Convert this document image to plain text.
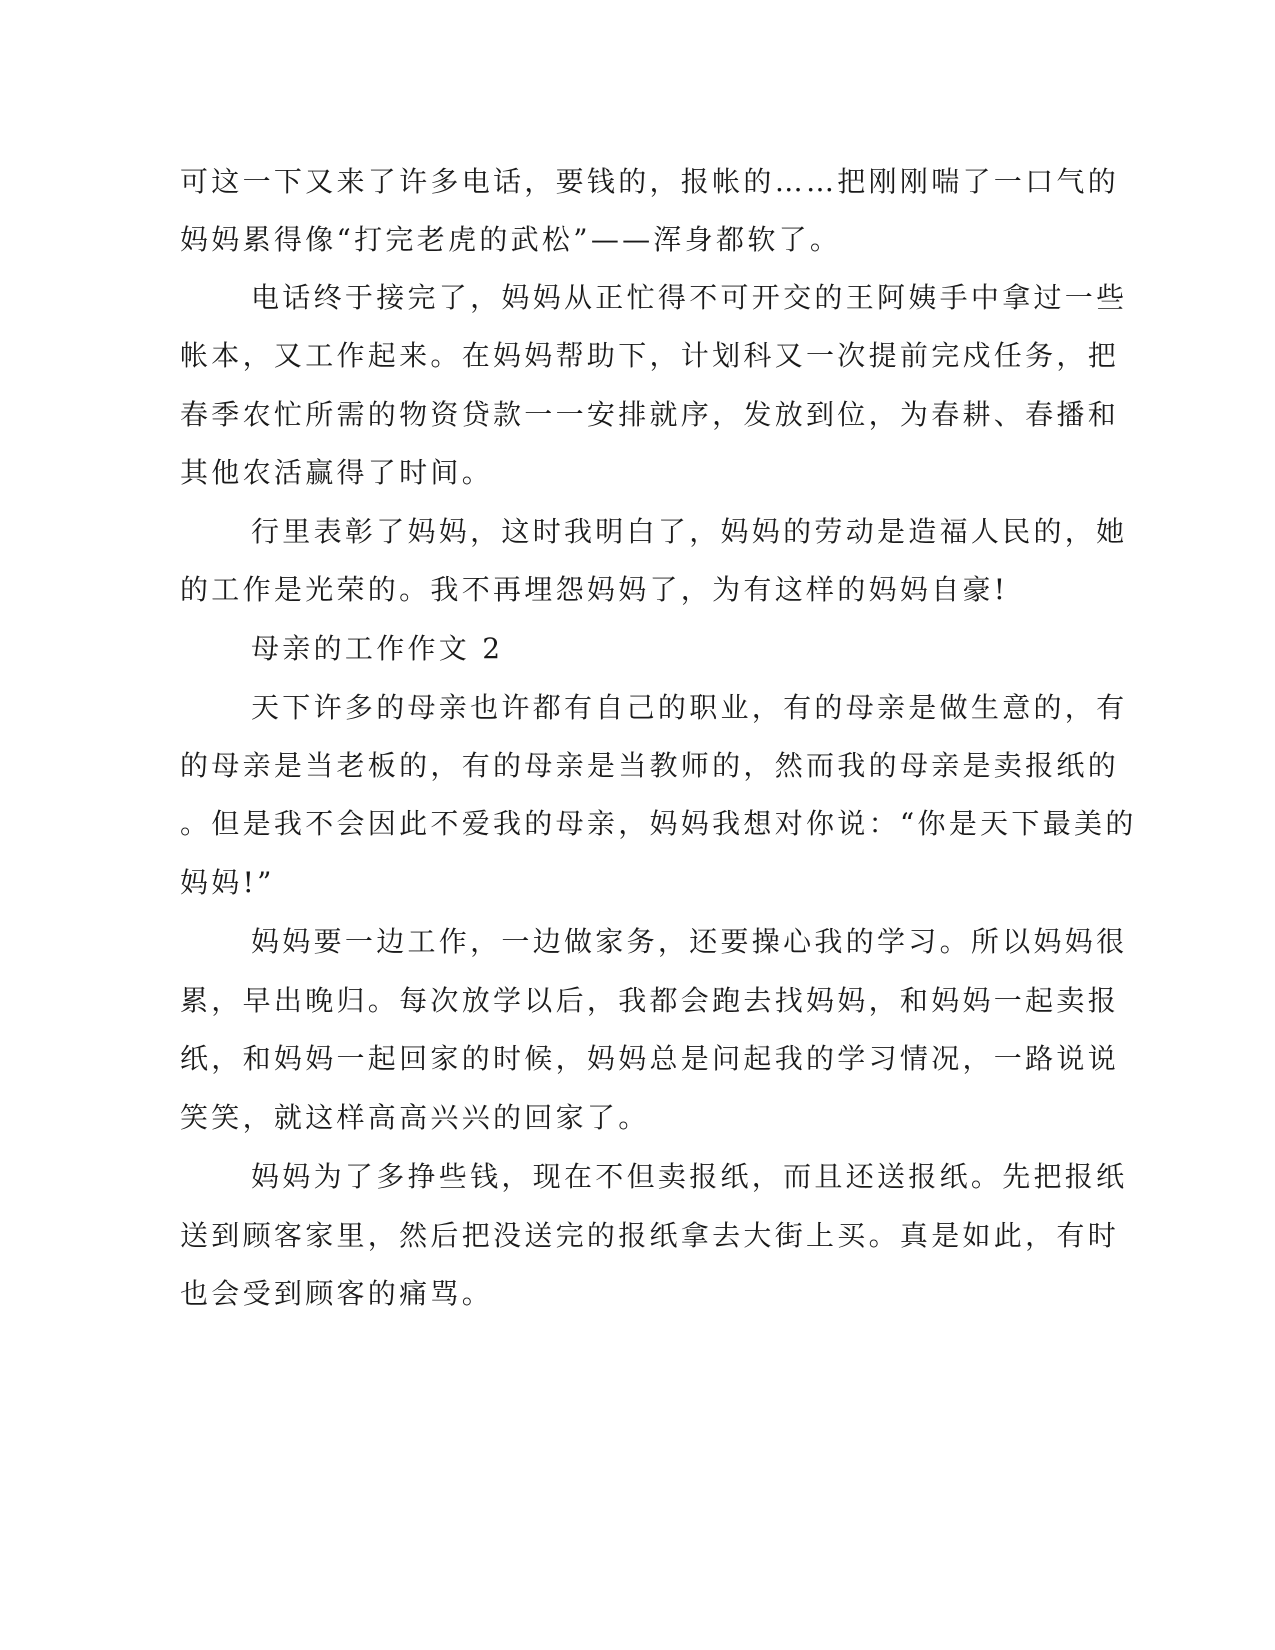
可这一下又来了许多电话，要钱的，报帐的……把刚刚喘了一口气的
妈妈累得像“打完老虎的武松”——浑身都软了。
电话终于接完了，妈妈从正忙得不可开交的王阿姨手中拿过一些
帐本，又工作起来。在妈妈帮助下，计划科又一次提前完戍任务，把
春季农忙所需的物资贷款一一安排就序，发放到位，为春耕、春播和
其他农活赢得了时间。
行里表彰了妈妈，这时我明白了，妈妈的劳动是造福人民的，她
的工作是光荣的。我不再埋怨妈妈了，为有这样的妈妈自豪!
母亲的工作作文 2
天下许多的母亲也许都有自己的职业，有的母亲是做生意的，有
的母亲是当老板的，有的母亲是当教师的，然而我的母亲是卖报纸的
。但是我不会因此不爱我的母亲，妈妈我想对你说：“你是天下最美的
妈妈!”
妈妈要一边工作，一边做家务，还要操心我的学习。所以妈妈很
累，早出晚归。每次放学以后，我都会跑去找妈妈，和妈妈一起卖报
纸，和妈妈一起回家的时候，妈妈总是问起我的学习情况，一路说说
笑笑，就这样高高兴兴的回家了。
妈妈为了多挣些钱，现在不但卖报纸，而且还送报纸。先把报纸
送到顾客家里，然后把没送完的报纸拿去大街上买。真是如此，有时
也会受到顾客的痛骂。
